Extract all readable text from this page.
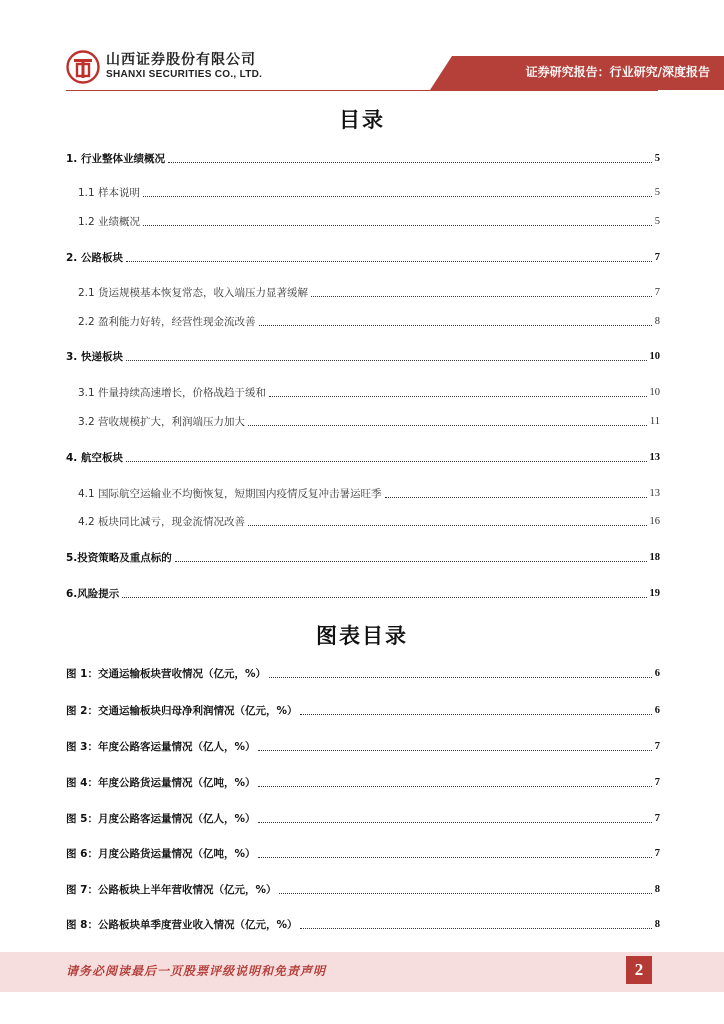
山西证券股份有限公司
SHANXI SECURITIES CO., LTD.	证券研究报告：行业研究/深度报告
目录
1. 行业整体业绩概况	5
1.1 样本说明	5
1.2 业绩概况	5
2. 公路板块	7
2.1 货运规模基本恢复常态，收入端压力显著缓解	7
2.2 盈利能力好转，经营性现金流改善	8
3. 快递板块	10
3.1 件量持续高速增长，价格战趋于缓和	10
3.2 营收规模扩大，利润端压力加大	11
4. 航空板块	13
4.1 国际航空运输业不均衡恢复，短期国内疫情反复冲击暑运旺季	13
4.2 板块同比减亏，现金流情况改善	16
5.投资策略及重点标的	18
6.风险提示	19
图表目录
图 1：交通运输板块营收情况（亿元，%）	6
图 2：交通运输板块归母净利润情况（亿元，%）	6
图 3：年度公路客运量情况（亿人，%）	7
图 4：年度公路货运量情况（亿吨，%）	7
图 5：月度公路客运量情况（亿人，%）	7
图 6：月度公路货运量情况（亿吨，%）	7
图 7：公路板块上半年营收情况（亿元，%）	8
图 8：公路板块单季度营业收入情况（亿元，%）	8
请务必阅读最后一页股票评级说明和免责声明	2
